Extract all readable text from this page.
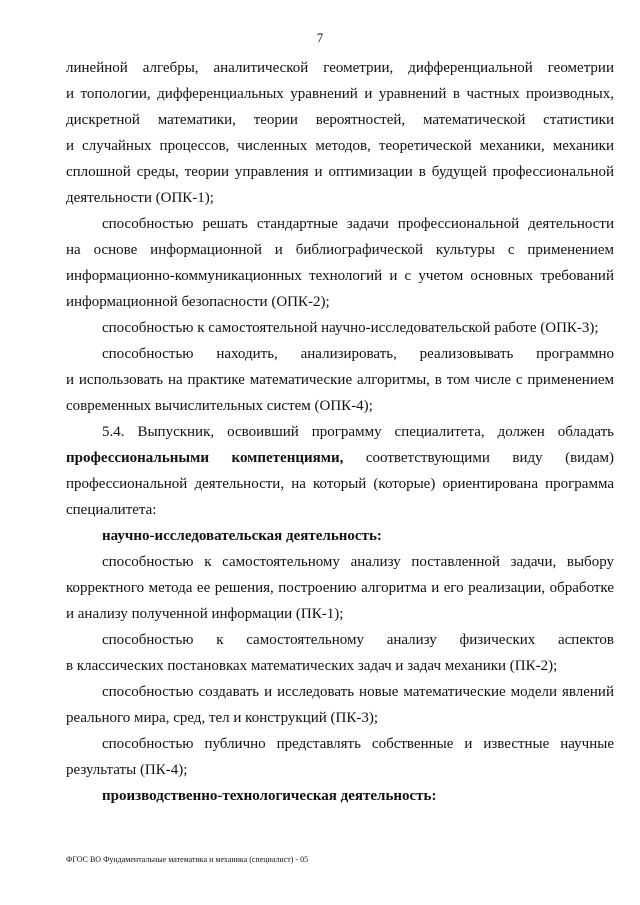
7
линейной алгебры, аналитической геометрии, дифференциальной геометрии
и топологии, дифференциальных уравнений и уравнений в частных производных,
дискретной математики, теории вероятностей, математической статистики
и случайных процессов, численных методов, теоретической механики, механики
сплошной среды, теории управления и оптимизации в будущей профессиональной
деятельности (ОПК-1);
способностью решать стандартные задачи профессиональной деятельности
на основе информационной и библиографической культуры с применением
информационно-коммуникационных технологий и с учетом основных требований
информационной безопасности (ОПК-2);
способностью к самостоятельной научно-исследовательской работе (ОПК-3);
способностью находить, анализировать, реализовывать программно
и использовать на практике математические алгоритмы, в том числе с применением
современных вычислительных систем (ОПК-4);
5.4. Выпускник, освоивший программу специалитета, должен обладать
профессиональными компетенциями, соответствующими виду (видам)
профессиональной деятельности, на который (которые) ориентирована программа
специалитета:
научно-исследовательская деятельность:
способностью к самостоятельному анализу поставленной задачи, выбору
корректного метода ее решения, построению алгоритма и его реализации, обработке
и анализу полученной информации (ПК-1);
способностью к самостоятельному анализу физических аспектов
в классических постановках математических задач и задач механики (ПК-2);
способностью создавать и исследовать новые математические модели явлений
реального мира, сред, тел и конструкций (ПК-3);
способностью публично представлять собственные и известные научные
результаты (ПК-4);
производственно-технологическая деятельность:
ФГОС ВО Фундаментальные математика и механика (специалист) - 05
